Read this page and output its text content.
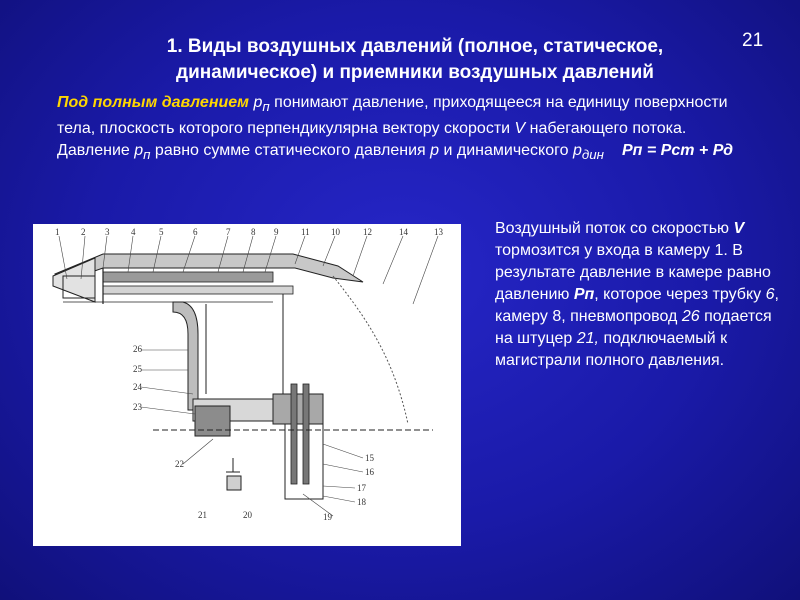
1. Виды воздушных давлений (полное, статическое,
динамическое) и приемники воздушных давлений
21
Под полным давлением $р_п$ понимают давление, приходящееся на единицу поверхности тела, плоскость которого перпендикулярна вектору скорости V набегающего потока. Давление $р_п$ равно сумме статического давления р и динамического $р_{дин}$ Рп = Рст + Рд
1 2 3 4	5	6	7 8 9	11 10	12	14	13
26
25
24
23
22
21	20
15
16
17
18
19
Воздушный поток со скоростью V тормозится у входа в камеру 1. В результате давление в камере равно давлению Рп, которое через трубку 6, камеру 8, пневмопровод 26 подается на штуцер 21, подключаемый к магистрали полного давления.
